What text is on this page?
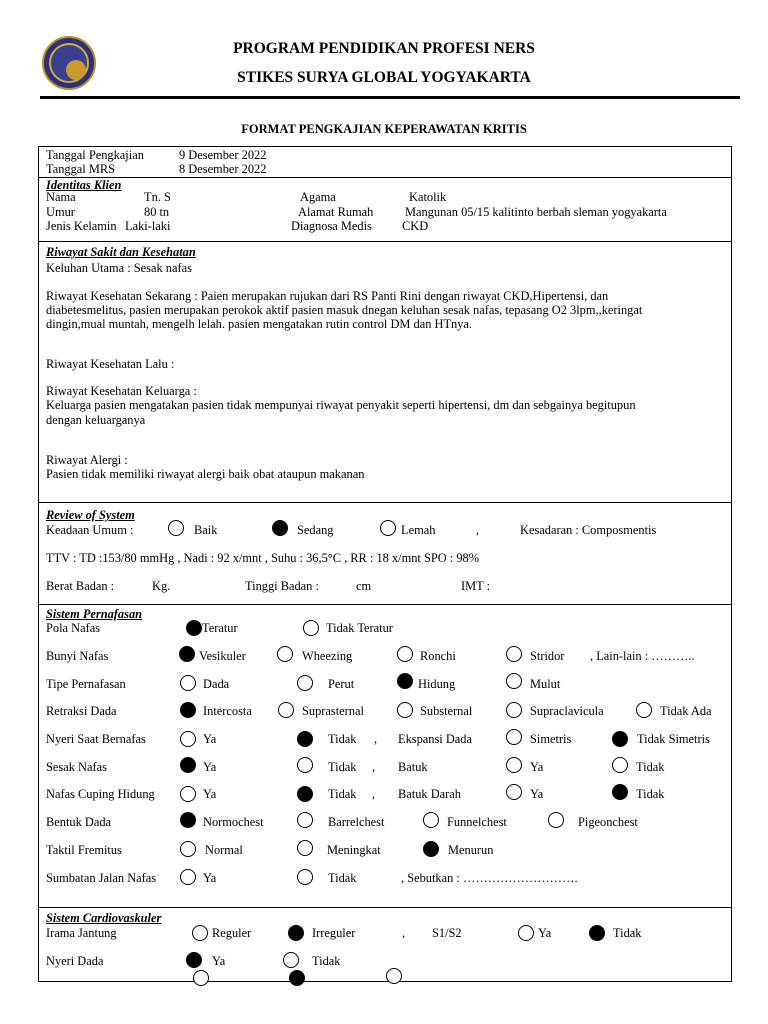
PROGRAM PENDIDIKAN PROFESI NERS
STIKES SURYA GLOBAL YOGYAKARTA
FORMAT PENGKAJIAN KEPERAWATAN KRITIS
Tanggal Pengkajian	9 Desember 2022
Tanggal MRS	8 Desember 2022
Identitas Klien
Nama	Tn. S	Agama	Katolik
Umur	80 tn	Alamat Rumah	Mangunan 05/15 kalitinto berbah sleman yogyakarta
Jenis Kelamin Laki-laki	Diagnosa Medis CKD
Riwayat Sakit dan Kesehatan
Keluhan Utama : Sesak nafas
Riwayat Kesehatan Sekarang : Paien merupakan rujukan dari RS Panti Rini dengan riwayat CKD,Hipertensi, dan
diabetesmelitus, pasien merupakan perokok aktif pasien masuk dnegan keluhan sesak nafas, tepasang O2 3lpm,,keringat
dingin,mual muntah, mengelh lelah. pasien mengatakan rutin control DM dan HTnya.
Riwayat Kesehatan Lalu :
Riwayat Kesehatan Keluarga :
Keluarga pasien mengatakan pasien tidak mempunyai riwayat penyakit seperti hipertensi, dm dan sebgainya begitupun
dengan keluarganya
Riwayat Alergi :
Pasien tidak memiliki riwayat alergi baik obat ataupun makanan
Review of System
Keadaan Umum :	Baik	Sedang	Lemah	,	Kesadaran : Composmentis
TTV : TD :153/80 mmHg , Nadi : 92 x/mnt , Suhu : 36,5°C , RR : 18 x/mnt SPO : 98%
Berat Badan :	Kg.	Tinggi Badan :	cm	IMT :
Sistem Pernafasan
Pola Nafas	Teratur	Tidak Teratur
Bunyi Nafas	Vesikuler	Wheezing	Ronchi	Stridor , Lain-lain : ………..
Tipe Pernafasan	Dada	Perut	Hidung	Mulut
Retraksi Dada	Intercosta	Suprasternal	Substernal	Supraclavicula	Tidak Ada
Nyeri Saat Bernafas	Ya	Tidak , Ekspansi Dada	Simetris	Tidak Simetris
Sesak Nafas	Ya	Tidak , Batuk	Ya	Tidak
Nafas Cuping Hidung	Ya	Tidak , Batuk Darah	Ya	Tidak
Bentuk Dada	Normochest	Barrelchest	Funnelchest	Pigeonchest
Taktil Fremitus	Normal	Meningkat	Menurun
Sumbatan Jalan Nafas	Ya	Tidak	, Sebutkan : ……………………….
Sistem Cardiovaskuler
Irama Jantung	Reguler	Irreguler	, S1/S2	Ya	Tidak
Nyeri Dada	Ya	Tidak
